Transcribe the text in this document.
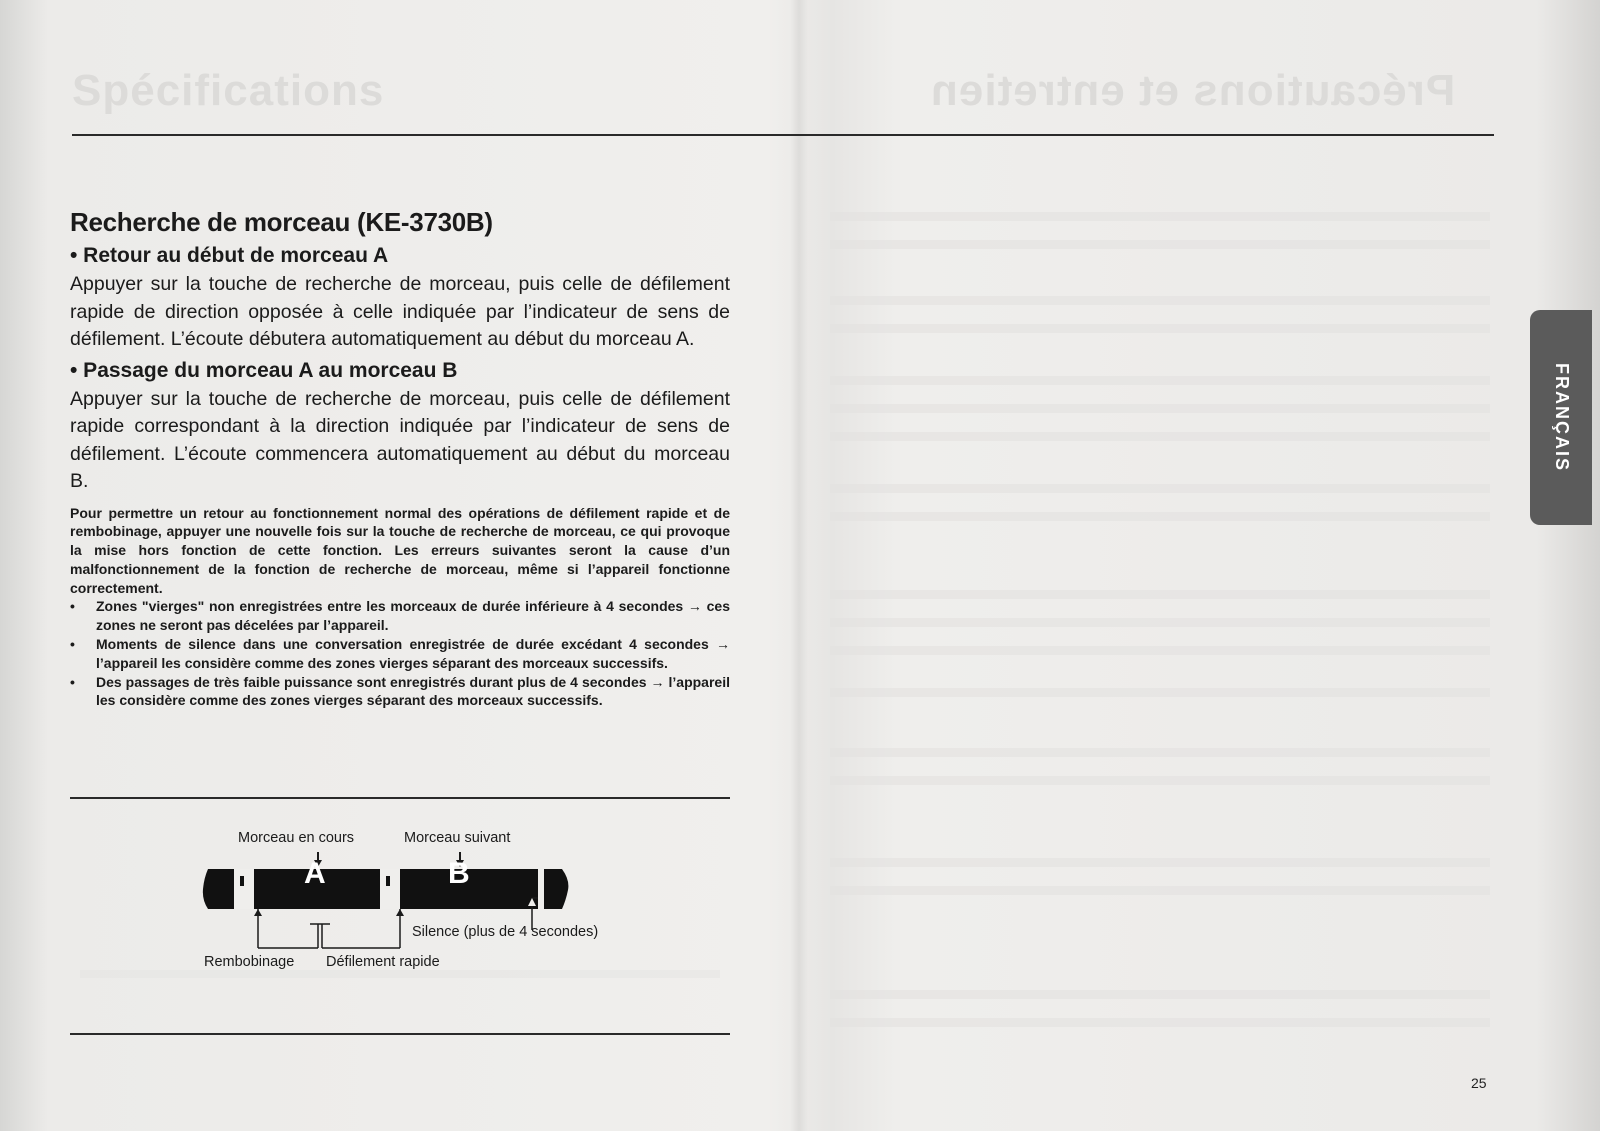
Spécifications	Précautions et entretien
Recherche de morceau (KE-3730B)
• Retour au début de morceau A

Appuyer sur la touche de recherche de morceau, puis celle de défilement rapide de direction opposée à celle indiquée par l’indicateur de sens de défilement. L’écoute débutera automatiquement au début du morceau A.

• Passage du morceau A au morceau B

Appuyer sur la touche de recherche de morceau, puis celle de défilement rapide correspondant à la direction indiquée par l’indicateur de sens de défilement. L’écoute commencera automatiquement au début du morceau B.

Pour permettre un retour au fonctionnement normal des opérations de défilement rapide et de rembobinage, appuyer une nouvelle fois sur la touche de recherche de morceau, ce qui provoque la mise hors fonction de cette fonction. Les erreurs suivantes seront la cause d’un malfonctionnement de la fonction de recherche de morceau, même si l’appareil fonctionne correctement.

• Zones "vierges" non enregistrées entre les morceaux de durée inférieure à 4 secondes → ces zones ne seront pas décelées par l’appareil.
• Moments de silence dans une conversation enregistrée de durée excédant 4 secondes → l’appareil les considère comme des zones vierges séparant des morceaux successifs.
• Des passages de très faible puissance sont enregistrés durant plus de 4 secondes → l’appareil les considère comme des zones vierges séparant des morceaux successifs.
Morceau en cours	Morceau suivant
A	B
Silence (plus de 4 secondes)
Rembobinage Défilement rapide
FRANÇAIS
25
